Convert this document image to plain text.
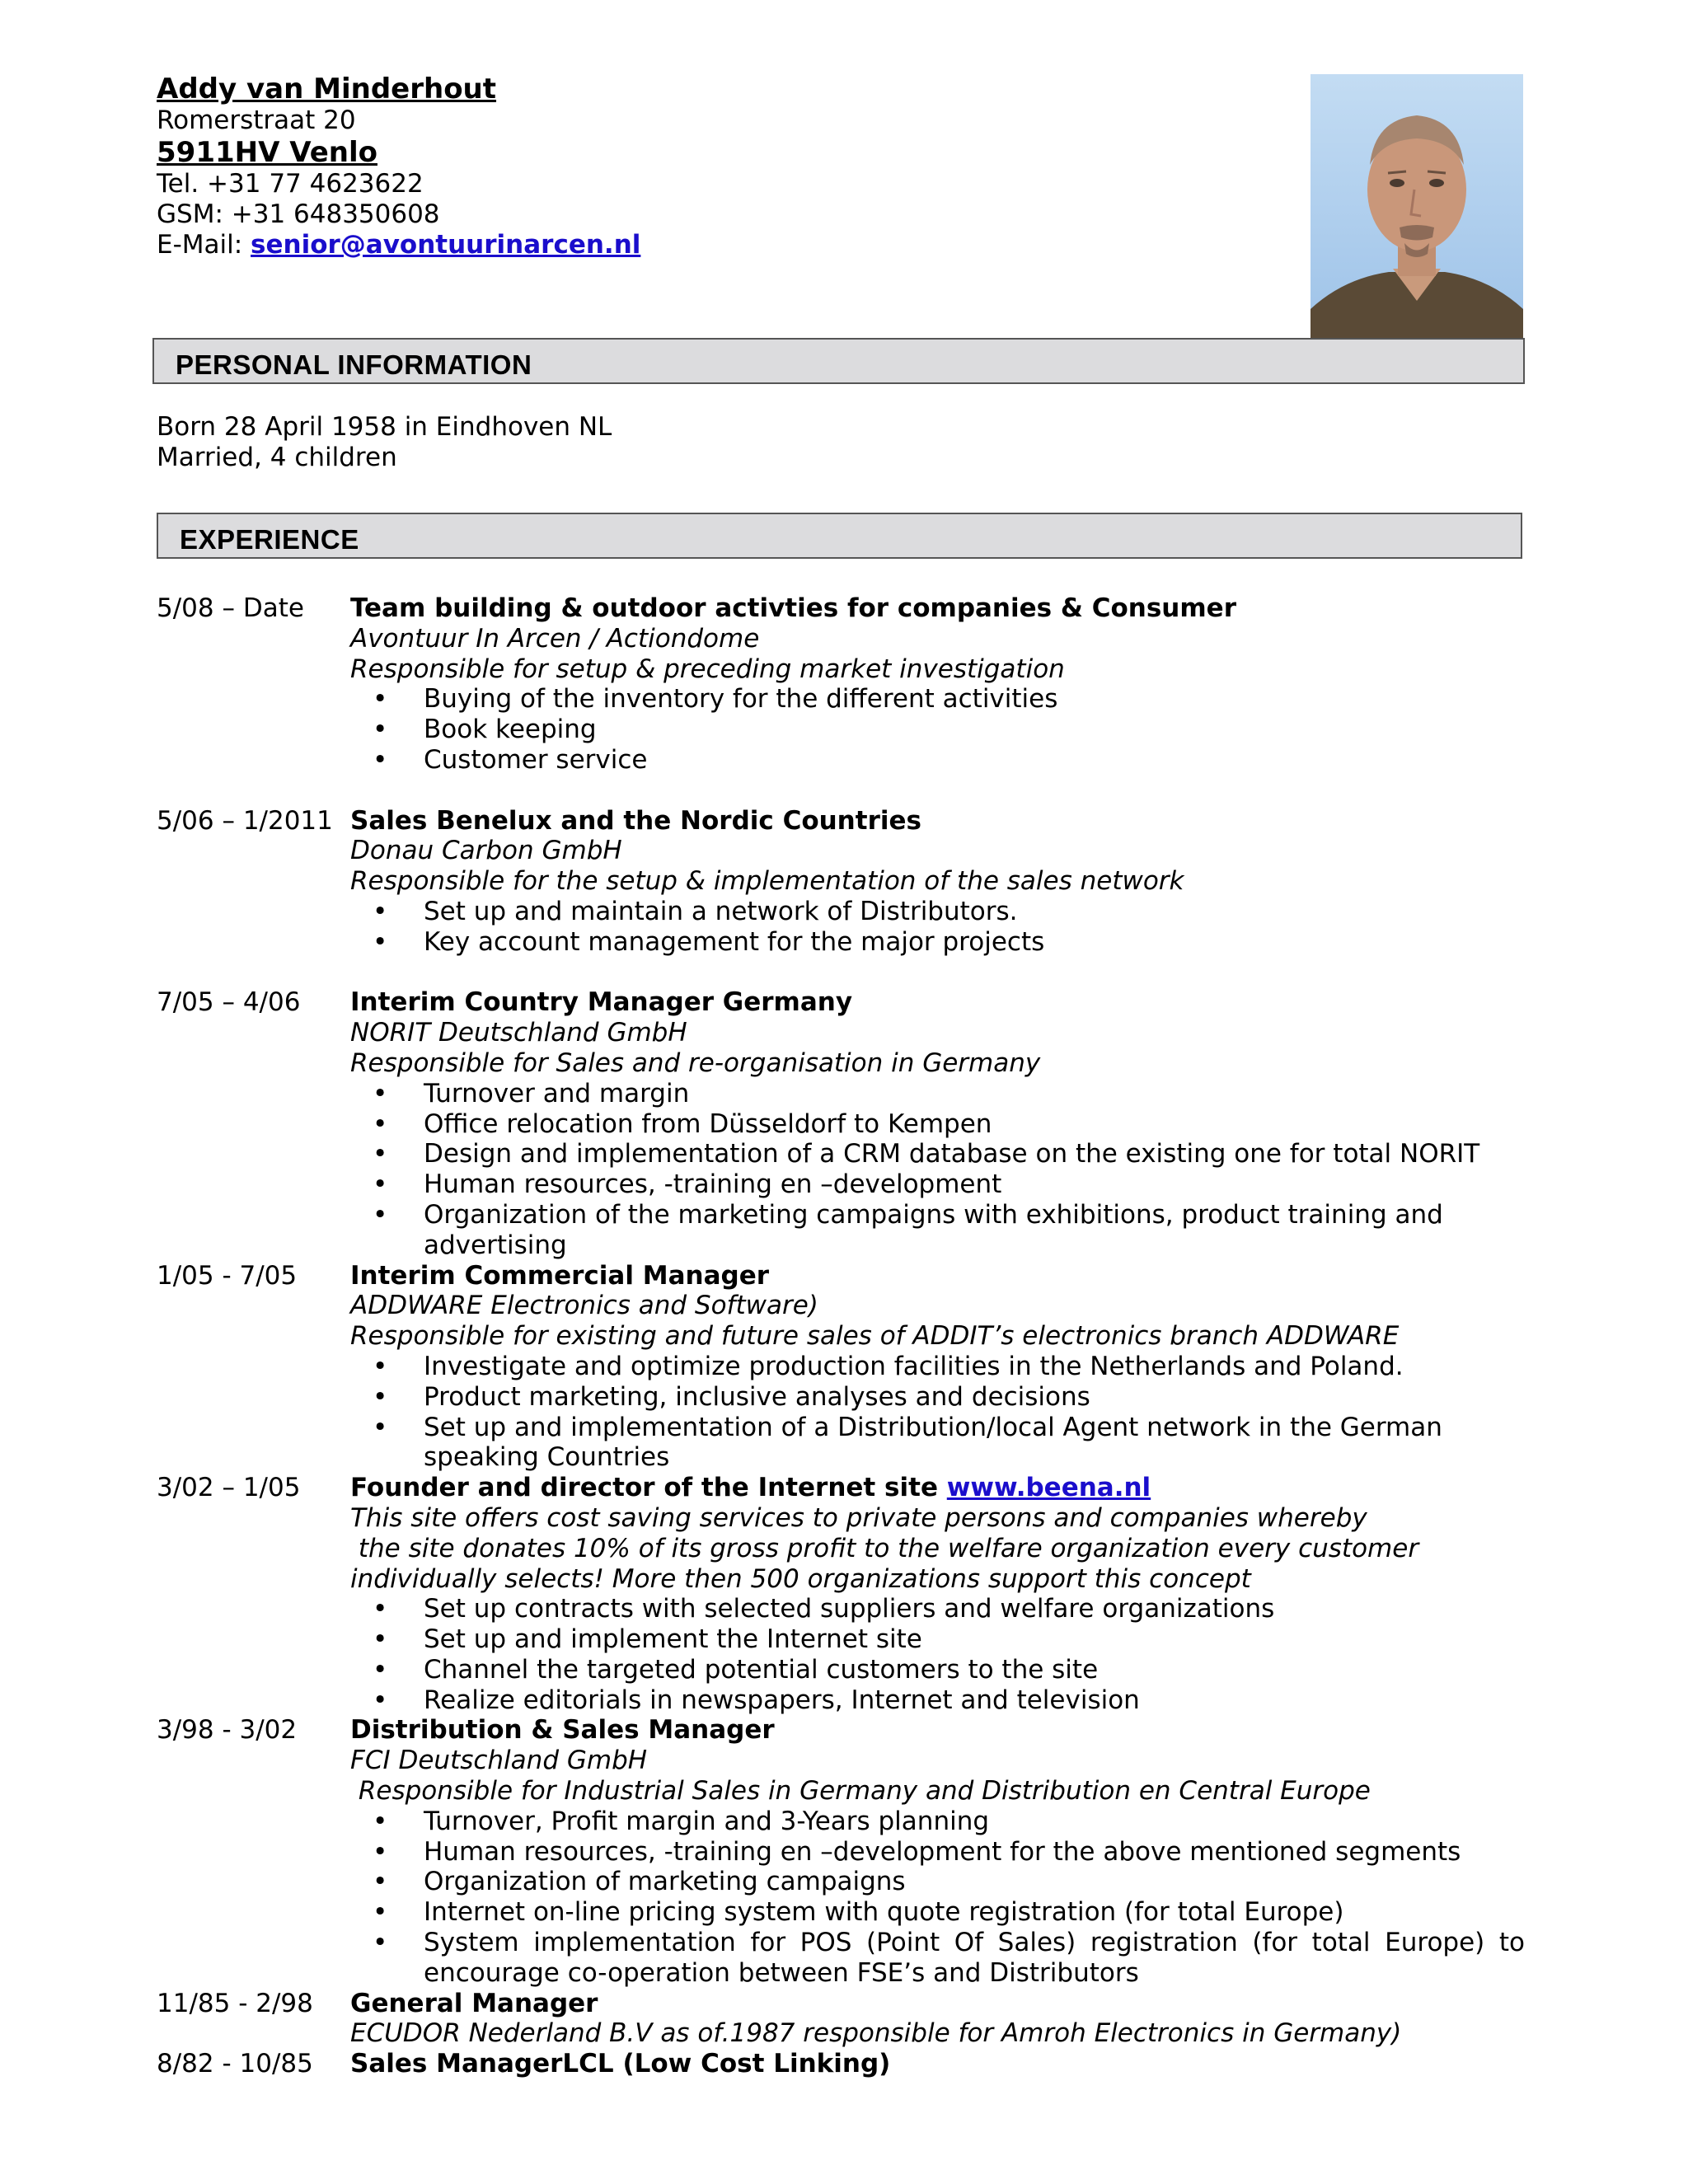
Addy van Minderhout
Romerstraat 20
5911HV Venlo
Tel. +31 77 4623622
GSM: +31 648350608
E-Mail: senior@avontuurinarcen.nl
PERSONAL INFORMATION
Born 28 April 1958 in Eindhoven NL
Married, 4 children
EXPERIENCE
5/08 – Date	Team building & outdoor activties for companies & Consumer
Avontuur In Arcen / Actiondome
Responsible for setup & preceding market investigation
• Buying of the inventory for the different activities
• Book keeping
• Customer service
5/06 – 1/2011 Sales Benelux and the Nordic Countries
Donau Carbon GmbH
Responsible for the setup & implementation of the sales network
• Set up and maintain a network of Distributors.
• Key account management for the major projects
7/05 – 4/06	Interim Country Manager Germany
NORIT Deutschland GmbH
Responsible for Sales and re-organisation in Germany
• Turnover and margin
• Office relocation from Düsseldorf to Kempen
• Design and implementation of a CRM database on the existing one for total NORIT
• Human resources, -training en –development
• Organization of the marketing campaigns with exhibitions, product training and advertising
1/05 - 7/05	Interim Commercial Manager
ADDWARE Electronics and Software)
Responsible for existing and future sales of ADDIT’s electronics branch ADDWARE
• Investigate and optimize production facilities in the Netherlands and Poland.
• Product marketing, inclusive analyses and decisions
• Set up and implementation of a Distribution/local Agent network in the German speaking Countries
3/02 – 1/05	Founder and director of the Internet site www.beena.nl
This site offers cost saving services to private persons and companies whereby
the site donates 10% of its gross profit to the welfare organization every customer
individually selects! More then 500 organizations support this concept
• Set up contracts with selected suppliers and welfare organizations
• Set up and implement the Internet site
• Channel the targeted potential customers to the site
• Realize editorials in newspapers, Internet and television
3/98 - 3/02	Distribution & Sales Manager
FCI Deutschland GmbH
Responsible for Industrial Sales in Germany and Distribution en Central Europe
• Turnover, Profit margin and 3-Years planning
• Human resources, -training en –development for the above mentioned segments
• Organization of marketing campaigns
• Internet on-line pricing system with quote registration (for total Europe)
• System implementation for POS (Point Of Sales) registration (for total Europe) to encourage co-operation between FSE’s and Distributors
11/85 - 2/98	General Manager
ECUDOR Nederland B.V as of.1987 responsible for Amroh Electronics in Germany)
8/82 - 10/85	Sales ManagerLCL (Low Cost Linking)
